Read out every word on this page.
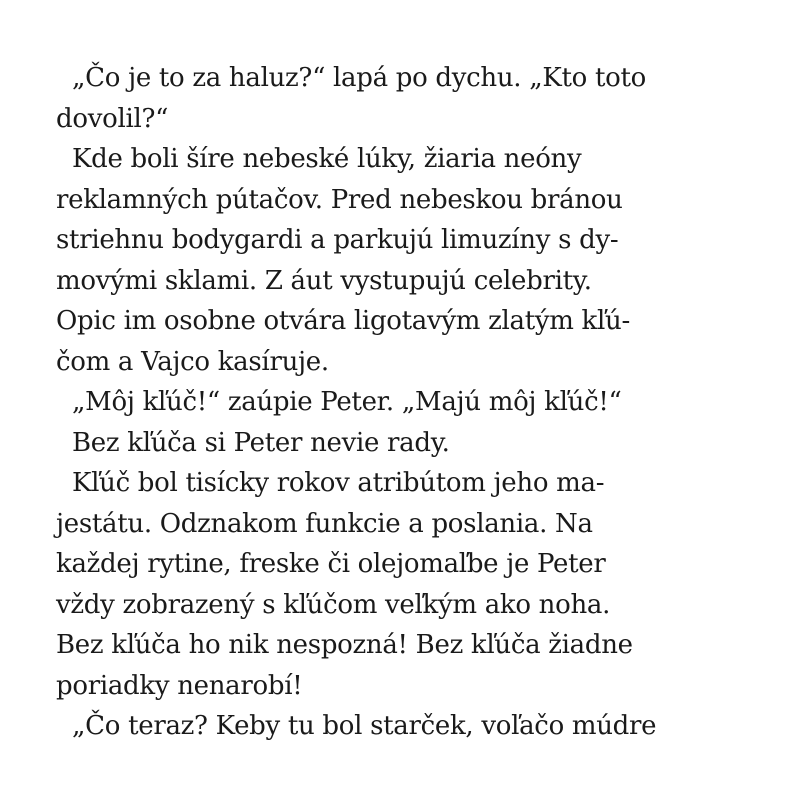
„Čo je to za haluz?“ lapá po dychu. „Kto toto
dovolil?“
Kde boli šíre nebeské lúky, žiaria neóny
reklamných pútačov. Pred nebeskou bránou
striehnu bodygardi a parkujú limuzíny s dy-
movými sklami. Z áut vystupujú celebrity.
Opic im osobne otvára ligotavým zlatým kľú-
čom a Vajco kasíruje.
„Môj kľúč!“ zaúpie Peter. „Majú môj kľúč!“
Bez kľúča si Peter nevie rady.
Kľúč bol tisícky rokov atribútom jeho ma-
jestátu. Odznakom funkcie a poslania. Na
každej rytine, freske či olejomaľbe je Peter
vždy zobrazený s kľúčom veľkým ako noha.
Bez kľúča ho nik nespozná! Bez kľúča žiadne
poriadky nenarobí!
„Čo teraz? Keby tu bol starček, voľačo múdre
